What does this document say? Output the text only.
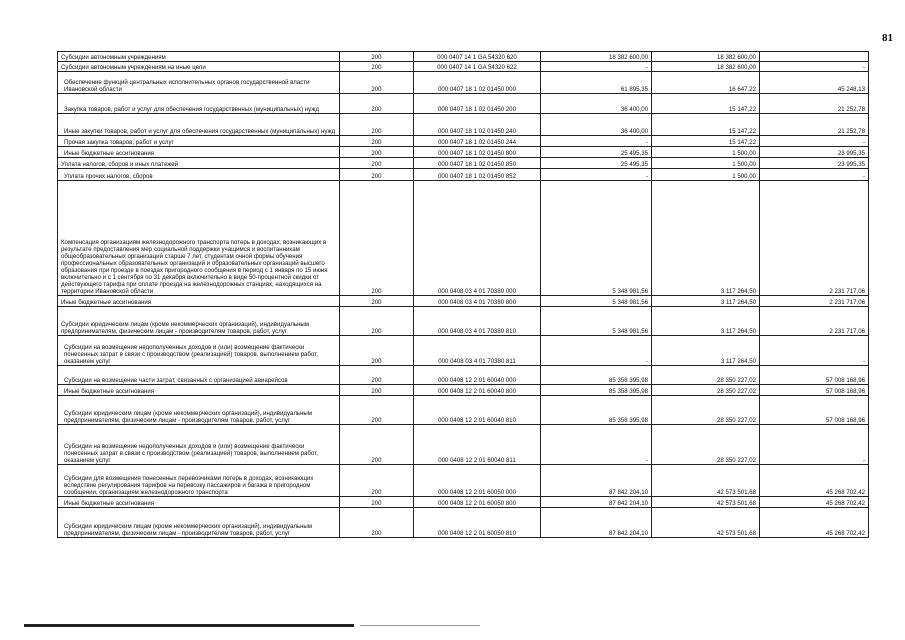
81
Субсидии автономным учреждениям	200	000 0407 14 1 GA 54320 620	18 382 600,00	18 382 600,00	
Субсидии автономным учреждениям на иные цели	200	000 0407 14 1 GA 54320 622	-	18 382 600,00	-
Обеспечение функций центральных исполнительных органов государственной власти Ивановской области	200	000 0407 18 1 02 01450 000	61 895,35	16 647,22	45 248,13
Закупка товаров, работ и услуг для обеспечения государственных (муниципальных) нужд	200	000 0407 18 1 02 01450 200	36 400,00	15 147,22	21 252,78
Иные закупки товаров, работ и услуг для обеспечения государственных (муниципальных) нужд	200	000 0407 18 1 02 01450 240	36 400,00	15 147,22	21 252,78
Прочая закупка товаров, работ и услуг	200	000 0407 18 1 02 01450 244	-	15 147,22	-
Иные бюджетные ассигнования	200	000 0407 18 1 02 01450 800	25 495,35	1 500,00	23 995,35
Уплата налогов, сборов и иных платежей	200	000 0407 18 1 02 01450 850	25 495,35	1 500,00	23 995,35
Уплата прочих налогов, сборов	200	000 0407 18 1 02 01450 852	-	1 500,00	-
Компенсация организациям железнодорожного транспорта потерь в доходах, возникающих в результате предоставления мер социальной поддержки учащимся и воспитанникам общеобразовательных организаций старше 7 лет, студентам очной формы обучения профессиональных образовательных организаций и образовательных организаций высшего образования при проезде в поездах пригородного сообщения в период с 1 января по 15 июня включительно и с 1 сентября по 31 декабря включительно в виде 50-процентной скидки от действующего тарифа при оплате проезда на железнодорожных станциях, находящихся на территории Ивановской области	200	000 0408 03 4 01 70380 000	5 348 981,56	3 117 264,50	2 231 717,06
Иные бюджетные ассигнования	200	000 0408 03 4 01 70380 800	5 348 981,56	3 117 264,50	2 231 717,06
Субсидии юридическим лицам (кроме некоммерческих организаций), индивидуальным предпринимателям, физическим лицам - производителям товаров, работ, услуг	200	000 0408 03 4 01 70380 810	5 348 981,56	3 117 264,50	2 231 717,06
Субсидии на возмещение недополученных доходов и (или) возмещение фактически понесенных затрат в связи с производством (реализацией) товаров, выполнением работ, оказанием услуг	200	000 0408 03 4 01 70380 811	-	3 117 264,50	-
Субсидии на возмещение части затрат, связанных с организацией авиарейсов	200	000 0408 12 2 01 60040 000	85 358 395,98	28 350 227,02	57 008 168,96
Иные бюджетные ассигнования	200	000 0408 12 2 01 60040 800	85 358 395,98	28 350 227,02	57 008 168,96
Субсидии юридическим лицам (кроме некоммерческих организаций), индивидуальным предпринимателям, физическим лицам - производителям товаров, работ, услуг	200	000 0408 12 2 01 60040 810	85 358 395,98	28 350 227,02	57 008 168,96
Субсидии на возмещение недополученных доходов и (или) возмещение фактически понесенных затрат в связи с производством (реализацией) товаров, выполнением работ, оказанием услуг	200	000 0408 12 2 01 60040 811	-	28 350 227,02	-
Субсидии для возмещения понесенных перевозчиками потерь в доходах, возникающих вследствие регулирования тарифов на перевозку пассажиров и багажа в пригородном сообщении, организациям железнодорожного транспорта	200	000 0408 12 2 01 60050 000	87 842 204,10	42 573 501,68	45 268 702,42
Иные бюджетные ассигнования	200	000 0408 12 2 01 60050 800	87 842 204,10	42 573 501,68	45 268 702,42
Субсидии юридическим лицам (кроме некоммерческих организаций), индивидуальным предпринимателям, физическим лицам - производителям товаров, работ, услуг	200	000 0408 12 2 01 60050 810	87 842 204,10	42 573 501,68	45 268 702,42
